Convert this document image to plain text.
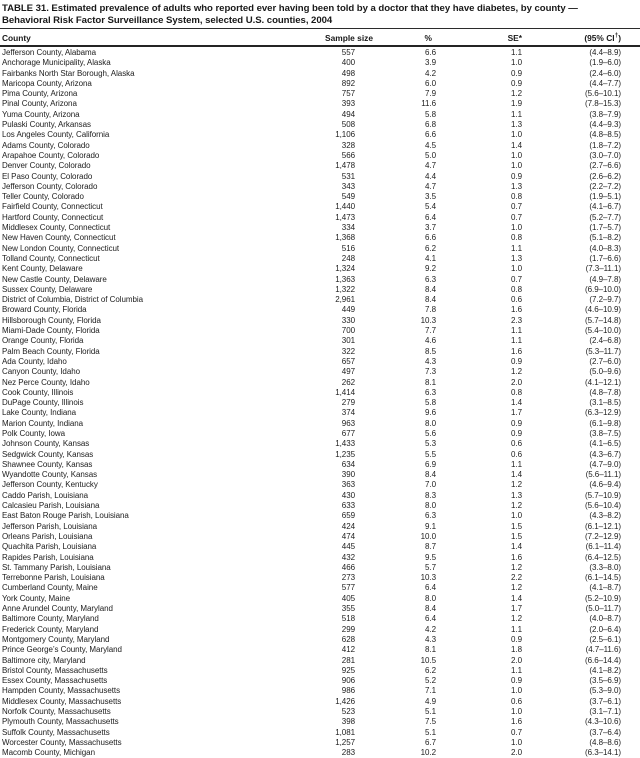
TABLE 31. Estimated prevalence of adults who reported ever having been told by a doctor that they have diabetes, by county —
Behavioral Risk Factor Surveillance System, selected U.S. counties, 2004
County	Sample size	%	SE*	(95% CI†)
Jefferson County, Alabama	557	6.6	1.1	(4.4–8.9)
Anchorage Municipality, Alaska	400	3.9	1.0	(1.9–6.0)
Fairbanks North Star Borough, Alaska	498	4.2	0.9	(2.4–6.0)
Maricopa County, Arizona	892	6.0	0.9	(4.4–7.7)
Pima County, Arizona	757	7.9	1.2	(5.6–10.1)
Pinal County, Arizona	393	11.6	1.9	(7.8–15.3)
Yuma County, Arizona	494	5.8	1.1	(3.8–7.9)
Pulaski County, Arkansas	508	6.8	1.3	(4.4–9.3)
Los Angeles County, California	1,106	6.6	1.0	(4.8–8.5)
Adams County, Colorado	328	4.5	1.4	(1.8–7.2)
Arapahoe County, Colorado	566	5.0	1.0	(3.0–7.0)
Denver County, Colorado	1,478	4.7	1.0	(2.7–6.6)
El Paso County, Colorado	531	4.4	0.9	(2.6–6.2)
Jefferson County, Colorado	343	4.7	1.3	(2.2–7.2)
Teller County, Colorado	549	3.5	0.8	(1.9–5.1)
Fairfield County, Connecticut	1,440	5.4	0.7	(4.1–6.7)
Hartford County, Connecticut	1,473	6.4	0.7	(5.2–7.7)
Middlesex County, Connecticut	334	3.7	1.0	(1.7–5.7)
New Haven County, Connecticut	1,368	6.6	0.8	(5.1–8.2)
New London County, Connecticut	516	6.2	1.1	(4.0–8.3)
Tolland County, Connecticut	248	4.1	1.3	(1.7–6.6)
Kent County, Delaware	1,324	9.2	1.0	(7.3–11.1)
New Castle County, Delaware	1,363	6.3	0.7	(4.9–7.8)
Sussex County, Delaware	1,322	8.4	0.8	(6.9–10.0)
District of Columbia, District of Columbia	2,961	8.4	0.6	(7.2–9.7)
Broward County, Florida	449	7.8	1.6	(4.6–10.9)
Hillsborough County, Florida	330	10.3	2.3	(5.7–14.8)
Miami-Dade County, Florida	700	7.7	1.1	(5.4–10.0)
Orange County, Florida	301	4.6	1.1	(2.4–6.8)
Palm Beach County, Florida	322	8.5	1.6	(5.3–11.7)
Ada County, Idaho	657	4.3	0.9	(2.7–6.0)
Canyon County, Idaho	497	7.3	1.2	(5.0–9.6)
Nez Perce County, Idaho	262	8.1	2.0	(4.1–12.1)
Cook County, Illinois	1,414	6.3	0.8	(4.8–7.8)
DuPage County, Illinois	279	5.8	1.4	(3.1–8.5)
Lake County, Indiana	374	9.6	1.7	(6.3–12.9)
Marion County, Indiana	963	8.0	0.9	(6.1–9.8)
Polk County, Iowa	677	5.6	0.9	(3.8–7.5)
Johnson County, Kansas	1,433	5.3	0.6	(4.1–6.5)
Sedgwick County, Kansas	1,235	5.5	0.6	(4.3–6.7)
Shawnee County, Kansas	634	6.9	1.1	(4.7–9.0)
Wyandotte County, Kansas	390	8.4	1.4	(5.6–11.1)
Jefferson County, Kentucky	363	7.0	1.2	(4.6–9.4)
Caddo Parish, Louisiana	430	8.3	1.3	(5.7–10.9)
Calcasieu Parish, Louisiana	633	8.0	1.2	(5.6–10.4)
East Baton Rouge Parish, Louisiana	659	6.3	1.0	(4.3–8.2)
Jefferson Parish, Louisiana	424	9.1	1.5	(6.1–12.1)
Orleans Parish, Louisiana	474	10.0	1.5	(7.2–12.9)
Quachita Parish, Louisiana	445	8.7	1.4	(6.1–11.4)
Rapides Parish, Louisiana	432	9.5	1.6	(6.4–12.5)
St. Tammany Parish, Louisiana	466	5.7	1.2	(3.3–8.0)
Terrebonne Parish, Louisiana	273	10.3	2.2	(6.1–14.5)
Cumberland County, Maine	577	6.4	1.2	(4.1–8.7)
York County, Maine	405	8.0	1.4	(5.2–10.9)
Anne Arundel County, Maryland	355	8.4	1.7	(5.0–11.7)
Baltimore County, Maryland	518	6.4	1.2	(4.0–8.7)
Frederick County, Maryland	299	4.2	1.1	(2.0–6.4)
Montgomery County, Maryland	628	4.3	0.9	(2.5–6.1)
Prince George’s County, Maryland	412	8.1	1.8	(4.7–11.6)
Baltimore city, Maryland	281	10.5	2.0	(6.6–14.4)
Bristol County, Massachusetts	925	6.2	1.1	(4.1–8.2)
Essex County, Massachusetts	906	5.2	0.9	(3.5–6.9)
Hampden County, Massachusetts	986	7.1	1.0	(5.3–9.0)
Middlesex County, Massachusetts	1,426	4.9	0.6	(3.7–6.1)
Norfolk County, Massachusetts	523	5.1	1.0	(3.1–7.1)
Plymouth County, Massachusetts	398	7.5	1.6	(4.3–10.6)
Suffolk County, Massachusetts	1,081	5.1	0.7	(3.7–6.4)
Worcester County, Massachusetts	1,257	6.7	1.0	(4.8–8.6)
Macomb County, Michigan	283	10.2	2.0	(6.3–14.1)
